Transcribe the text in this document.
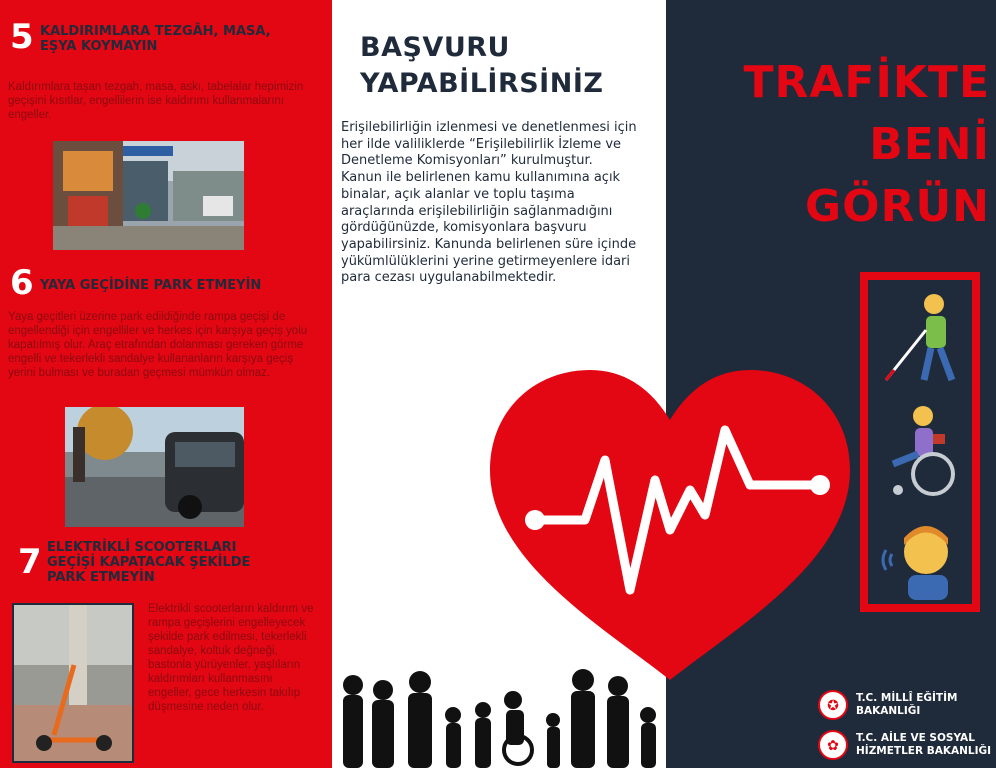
5 KALDIRIMLARA TEZGÂH, MASA,
EŞYA KOYMAYIN
Kaldırımlara taşan tezgah, masa, askı, tabelalar hepimizin geçişini kısıtlar, engellilerin ise kaldırımı kullanmalarını engeller.
6 YAYA GEÇİDİNE PARK ETMEYİN
Yaya geçitleri üzerine park edildiğinde rampa geçişi de engellendiği için engelliler ve herkes için karşıya geçiş yolu kapatılmış olur. Araç etrafından dolanması gereken görme engelli ve tekerlekli sandalye kullananların karşıya geçiş yerini bulması ve buradan geçmesi mümkün olmaz.
7 ELEKTRİKLİ SCOOTERLARI
GEÇİŞİ KAPATACAK ŞEKİLDE
PARK ETMEYİN
Elektrikli scooterların kaldırım ve rampa geçişlerini engelleyecek şekilde park edilmesi, tekerlekli sandalye, koltuk değneği, bastonla yürüyenler, yaşlıların kaldırımları kullanmasını engeller, gece herkesin takılıp düşmesine neden olur.
BAŞVURU
YAPABİLİRSİNİZ

Erişilebilirliğin izlenmesi ve denetlenmesi için her ilde valiliklerde “Erişilebilirlik İzleme ve Denetleme Komisyonları” kurulmuştur.

Kanun ile belirlenen kamu kullanımına açık binalar, açık alanlar ve toplu taşıma araçlarında erişilebilirliğin sağlanmadığını gördüğünüzde, komisyonlara başvuru yapabilirsiniz. Kanunda belirlenen süre içinde yükümlülüklerini yerine getirmeyenlere idari para cezası uygulanabilmektedir.

TRAFİKTE
BENİ
GÖRÜN
✪	T.C. MİLLÎ EĞİTİM
BAKANLIĞI
✿	T.C. AİLE VE SOSYAL
HİZMETLER BAKANLIĞI
